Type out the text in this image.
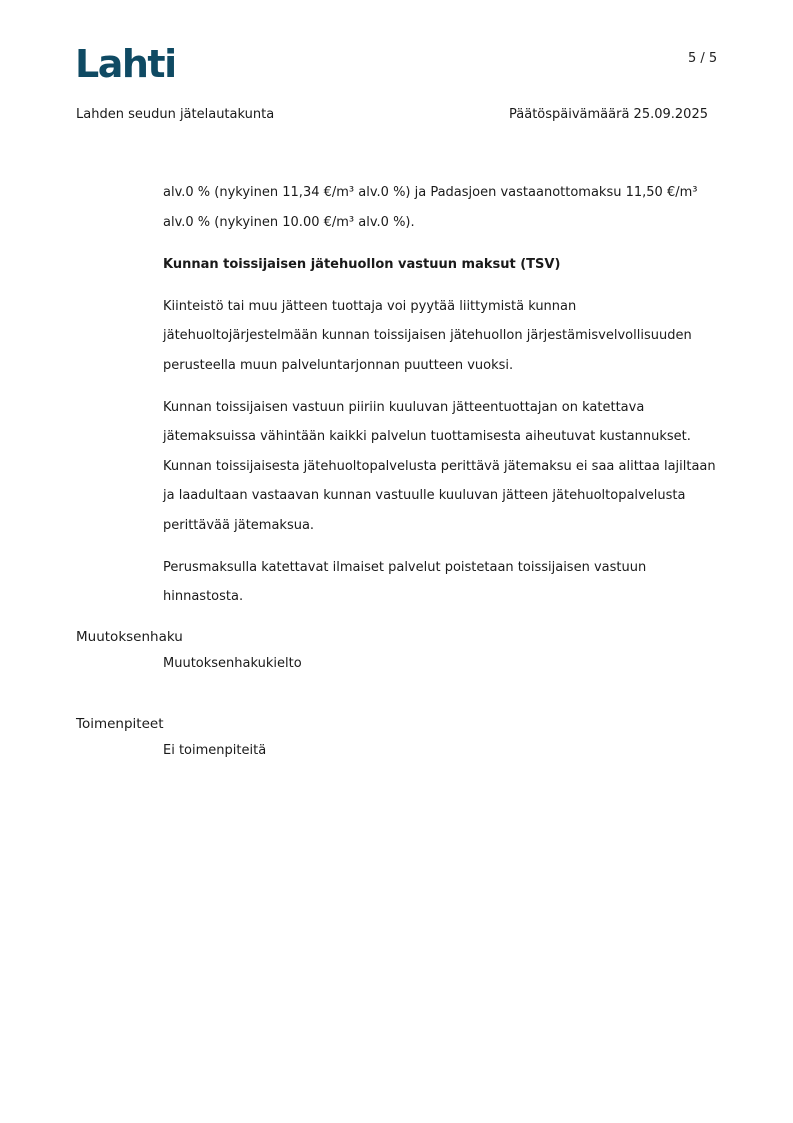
Lahti	5 / 5
Lahden seudun jätelautakunta	Päätöspäivämäärä 25.09.2025

alv.0 % (nykyinen 11,34 €/m³ alv.0 %) ja Padasjoen vastaanottomaksu 11,50 €/m³ alv.0 % (nykyinen 10.00 €/m³ alv.0 %).

Kunnan toissijaisen jätehuollon vastuun maksut (TSV)

Kiinteistö tai muu jätteen tuottaja voi pyytää liittymistä kunnan jätehuoltojärjestelmään kunnan toissijaisen jätehuollon järjestämisvelvollisuuden perusteella muun palveluntarjonnan puutteen vuoksi.

Kunnan toissijaisen vastuun piiriin kuuluvan jätteentuottajan on katettava jätemaksuissa vähintään kaikki palvelun tuottamisesta aiheutuvat kustannukset. Kunnan toissijaisesta jätehuoltopalvelusta perittävä jätemaksu ei saa alittaa lajiltaan ja laadultaan vastaavan kunnan vastuulle kuuluvan jätteen jätehuoltopalvelusta perittävää jätemaksua.

Perusmaksulla katettavat ilmaiset palvelut poistetaan toissijaisen vastuun hinnastosta.

Muutoksenhaku
Muutoksenhakukielto
Toimenpiteet
Ei toimenpiteitä
